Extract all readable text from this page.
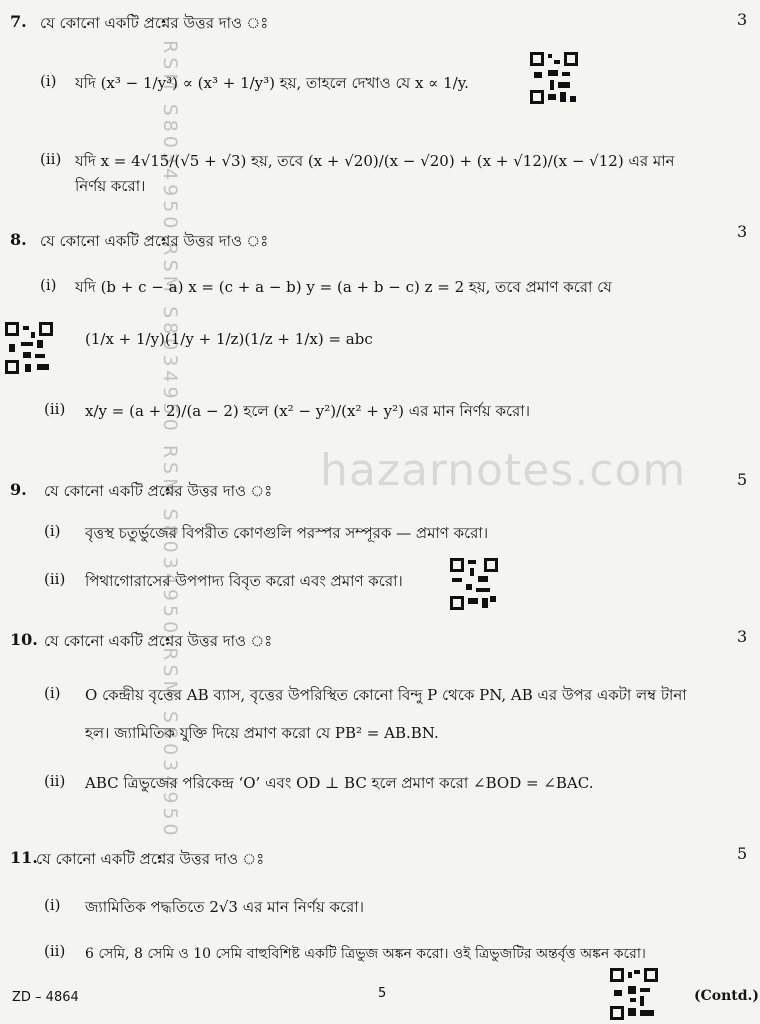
RSM S8034950 RSM S8034950 RSM S8034950 RSM S8034950	hazarnotes.com
7. যে কোনো একটি প্রশ্নের উত্তর দাও ঃ	3
(i) যদি (x³ − 1/y³) ∝ (x³ + 1/y³) হয়, তাহলে দেখাও যে x ∝ 1/y.
(ii) যদি x = 4√15/(√5 + √3) হয়, তবে (x + √20)/(x − √20) + (x + √12)/(x − √12) এর মান নির্ণয় করো।
8. যে কোনো একটি প্রশ্নের উত্তর দাও ঃ	3
(i) যদি (b + c − a) x = (c + a − b) y = (a + b − c) z = 2 হয়, তবে প্রমাণ করো যে
(1/x + 1/y)(1/y + 1/z)(1/z + 1/x) = abc
(ii) x/y = (a + 2)/(a − 2) হলে (x² − y²)/(x² + y²) এর মান নির্ণয় করো।
9. যে কোনো একটি প্রশ্নের উত্তর দাও ঃ
5
(i) বৃত্তস্থ চতুর্ভুজের বিপরীত কোণগুলি পরস্পর সম্পূরক — প্রমাণ করো।
(ii) পিথাগোরাসের উপপাদ্য বিবৃত করো এবং প্রমাণ করো।
10. যে কোনো একটি প্রশ্নের উত্তর দাও ঃ	3
(i) O কেন্দ্রীয় বৃত্তের AB ব্যাস, বৃত্তের উপরিস্থিত কোনো বিন্দু P থেকে PN, AB এর উপর একটা লম্ব টানা
হল। জ্যামিতিক যুক্তি দিয়ে প্রমাণ করো যে PB² = AB.BN.
(ii) ABC ত্রিভুজের পরিকেন্দ্র ‘O’ এবং OD ⊥ BC হলে প্রমাণ করো ∠BOD = ∠BAC.
11.
যে কোনো একটি প্রশ্নের উত্তর দাও ঃ	5
(i) জ্যামিতিক পদ্ধতিতে 2√3 এর মান নির্ণয় করো।
(ii) 6 সেমি, 8 সেমি ও 10 সেমি বাহুবিশিষ্ট একটি ত্রিভুজ অঙ্কন করো। ওই ত্রিভুজটির অন্তর্বৃত্ত অঙ্কন করো।
ZD – 4864	5	(Contd.)
